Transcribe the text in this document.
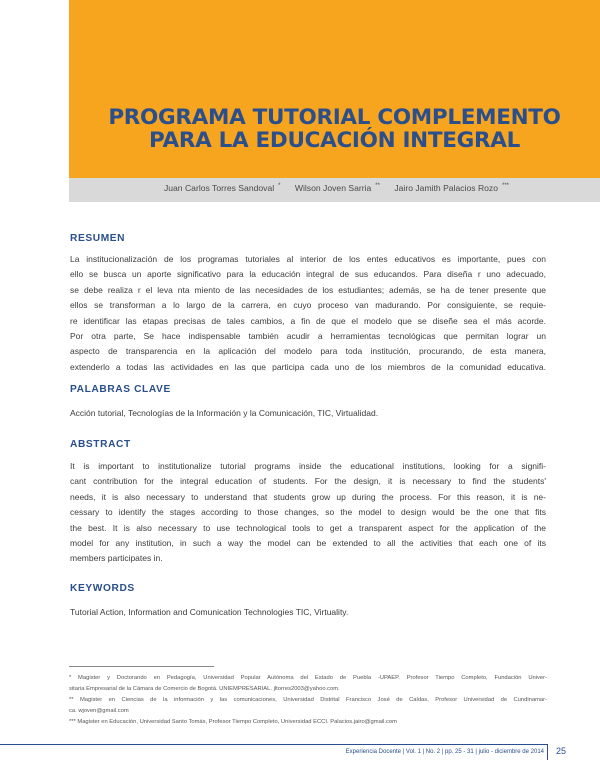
PROGRAMA TUTORIAL COMPLEMENTO
PARA LA EDUCACIÓN INTEGRAL
Juan Carlos Torres Sandoval * Wilson Joven Sarria ** Jairo Jamith Palacios Rozo ***
RESUMEN

La institucionalización de los programas tutoriales al interior de los entes educativos es importante, pues con
ello se busca un aporte significativo para la educación integral de sus educandos. Para diseña r uno adecuado,
se debe realiza r el leva nta miento de las necesidades de los estudiantes; además, se ha de tener presente que
ellos se transforman a lo largo de la carrera, en cuyo proceso van madurando. Por consiguiente, se requie-
re identificar las etapas precisas de tales cambios, a fin de que el modelo que se diseñe sea el más acorde.
Por otra parte, Se hace indispensable también acudir a herramientas tecnológicas que permitan lograr un
aspecto de transparencia en la aplicación del modelo para toda institución, procurando, de esta manera,
extenderlo a todas las actividades en las que participa cada uno de los miembros de la comunidad educativa.

PALABRAS CLAVE

Acción tutorial, Tecnologías de la Información y la Comunicación, TIC, Virtualidad.

ABSTRACT

It is important to institutionalize tutorial programs inside the educational institutions, looking for a signifi-
cant contribution for the integral education of students. For the design, it is necessary to find the students'
needs, it is also necessary to understand that students grow up during the process. For this reason, it is ne-
cessary to identify the stages according to those changes, so the model to design would be the one that fits
the best. It is also necessary to use technological tools to get a transparent aspect for the application of the
model for any institution, in such a way the model can be extended to all the activities that each one of its
members participates in.

KEYWORDS

Tutorial Action, Information and Comunication Technologies TIC, Virtuality.

* Magister y Doctorando en Pedagogía, Universidad Popular Autónoma del Estado de Puebla -UPAEP. Profesor Tiempo Completo, Fundación Univer-
sitaria Empresarial de la Cámara de Comercio de Bogotá. UNIEMPRESARIAL. jltorres2003@yahoo.com.
** Magister en Ciencias de la información y las comunicaciones, Universidad Distrital Francisco José de Caldas, Profesor Universidad de Cundinamar-
ca. wjoven@gmail.com
*** Magister en Educación, Universidad Santo Tomás, Profesor Tiempo Completo, Universidad ECCI. Palacios.jairo@gmail.com
Experiencia Docente | Vol. 1 | No. 2 | pp. 25 - 31 | julio - diciembre de 2014 25
